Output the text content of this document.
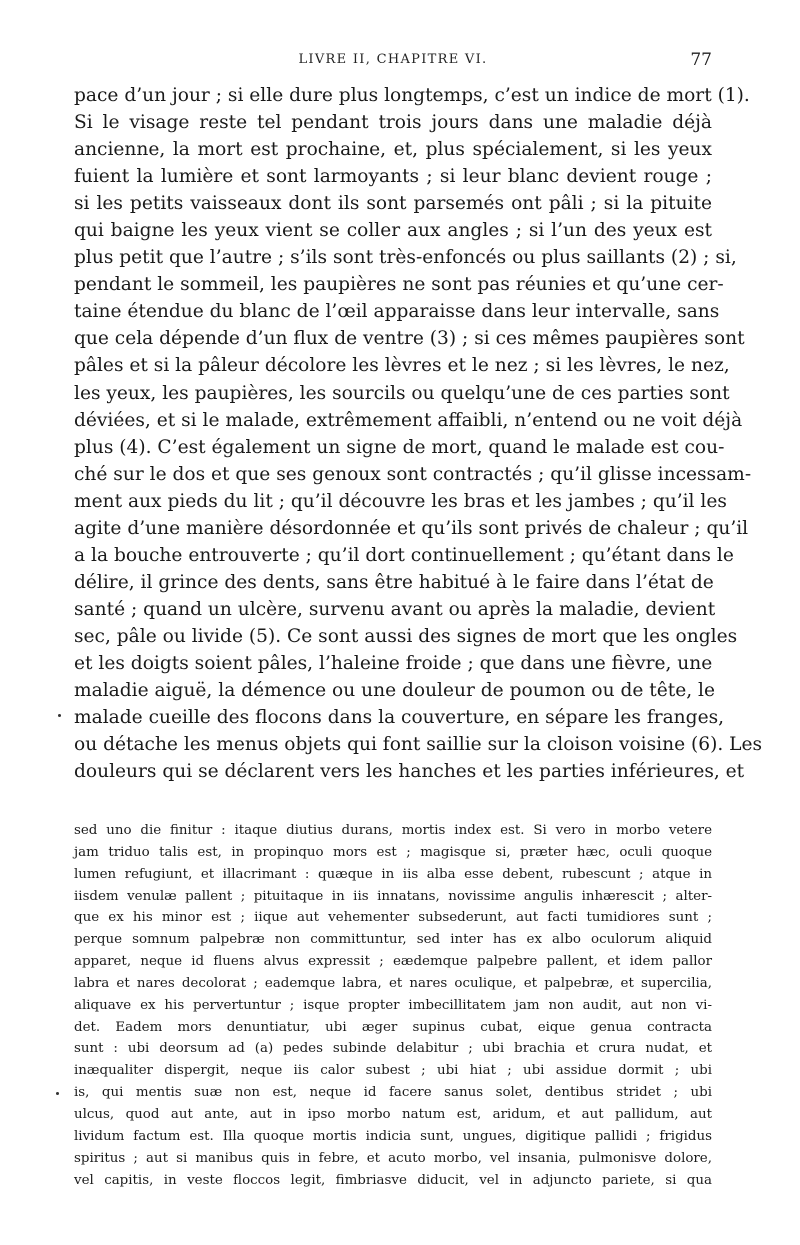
LIVRE II, CHAPITRE VI.	77
pace d’un jour ; si elle dure plus longtemps, c’est un indice de mort (1).
Si le visage reste tel pendant trois jours dans une maladie déjà
ancienne, la mort est prochaine, et, plus spécialement, si les yeux
fuient la lumière et sont larmoyants ; si leur blanc devient rouge ;
si les petits vaisseaux dont ils sont parsemés ont pâli ; si la pituite
qui baigne les yeux vient se coller aux angles ; si l’un des yeux est
plus petit que l’autre ; s’ils sont très-enfoncés ou plus saillants (2) ; si,
pendant le sommeil, les paupières ne sont pas réunies et qu’une cer-
taine étendue du blanc de l’œil apparaisse dans leur intervalle, sans
que cela dépende d’un flux de ventre (3) ; si ces mêmes paupières sont
pâles et si la pâleur décolore les lèvres et le nez ; si les lèvres, le nez,
les yeux, les paupières, les sourcils ou quelqu’une de ces parties sont
déviées, et si le malade, extrêmement affaibli, n’entend ou ne voit déjà
plus (4). C’est également un signe de mort, quand le malade est cou-
ché sur le dos et que ses genoux sont contractés ; qu’il glisse incessam-
ment aux pieds du lit ; qu’il découvre les bras et les jambes ; qu’il les
agite d’une manière désordonnée et qu’ils sont privés de chaleur ; qu’il
a la bouche entrouverte ; qu’il dort continuellement ; qu’étant dans le
délire, il grince des dents, sans être habitué à le faire dans l’état de
santé ; quand un ulcère, survenu avant ou après la maladie, devient
sec, pâle ou livide (5). Ce sont aussi des signes de mort que les ongles
et les doigts soient pâles, l’haleine froide ; que dans une fièvre, une
maladie aiguë, la démence ou une douleur de poumon ou de tête, le
malade cueille des flocons dans la couverture, en sépare les franges,
ou détache les menus objets qui font saillie sur la cloison voisine (6). Les
douleurs qui se déclarent vers les hanches et les parties inférieures, et
sed uno die finitur : itaque diutius durans, mortis index est. Si vero in morbo vetere
jam triduo talis est, in propinquo mors est ; magisque si, præter hæc, oculi quoque
lumen refugiunt, et illacrimant : quæque in iis alba esse debent, rubescunt ; atque in
iisdem venulæ pallent ; pituitaque in iis innatans, novissime angulis inhærescit ; alter-
que ex his minor est ; iique aut vehementer subsederunt, aut facti tumidiores sunt ;
perque somnum palpebræ non committuntur, sed inter has ex albo oculorum aliquid
apparet, neque id fluens alvus expressit ; eædemque palpebre pallent, et idem pallor
labra et nares decolorat ; eademque labra, et nares oculique, et palpebræ, et supercilia,
aliquave ex his pervertuntur ; isque propter imbecillitatem jam non audit, aut non vi-
det. Eadem mors denuntiatur, ubi æger supinus cubat, eique genua contracta
sunt : ubi deorsum ad (a) pedes subinde delabitur ; ubi brachia et crura nudat, et
inæqualiter dispergit, neque iis calor subest ; ubi hiat ; ubi assidue dormit ; ubi
is, qui mentis suæ non est, neque id facere sanus solet, dentibus stridet ; ubi
ulcus, quod aut ante, aut in ipso morbo natum est, aridum, et aut pallidum, aut
lividum factum est. Illa quoque mortis indicia sunt, ungues, digitique pallidi ; frigidus
spiritus ; aut si manibus quis in febre, et acuto morbo, vel insania, pulmonisve dolore,
vel capitis, in veste floccos legit, fimbriasve diducit, vel in adjuncto pariete, si qua
